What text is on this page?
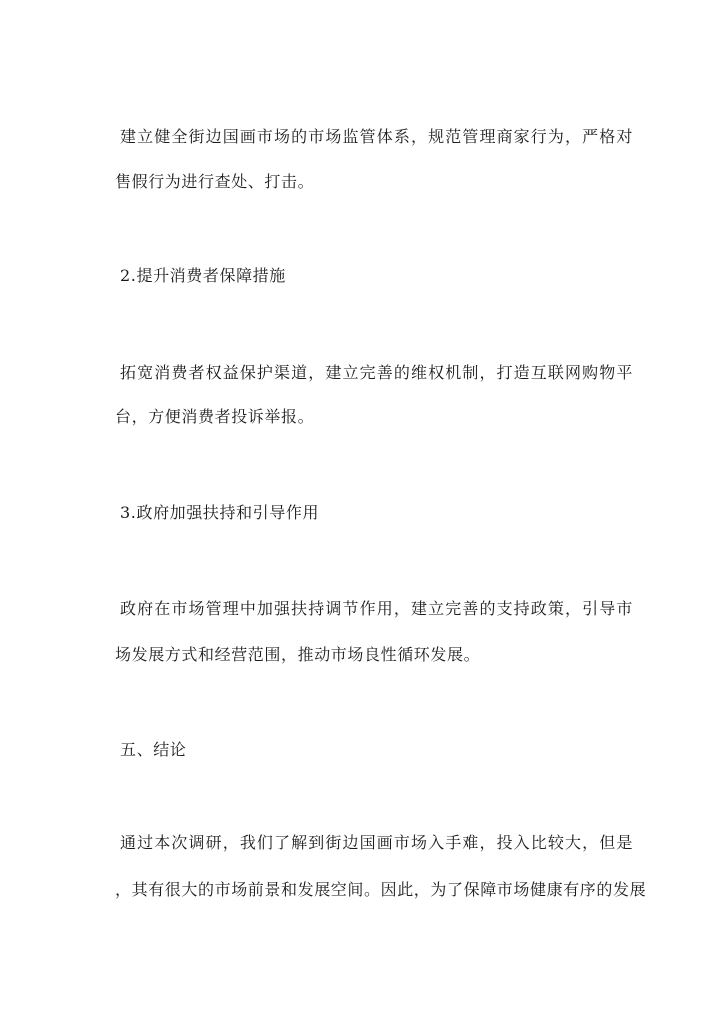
建立健全街边国画市场的市场监管体系，规范管理商家行为，严格对
售假行为进行查处、打击。
2.提升消费者保障措施
拓宽消费者权益保护渠道，建立完善的维权机制，打造互联网购物平
台，方便消费者投诉举报。
3.政府加强扶持和引导作用
政府在市场管理中加强扶持调节作用，建立完善的支持政策，引导市
场发展方式和经营范围，推动市场良性循环发展。
五、结论
通过本次调研，我们了解到街边国画市场入手难，投入比较大，但是
，其有很大的市场前景和发展空间。因此，为了保障市场健康有序的发展
